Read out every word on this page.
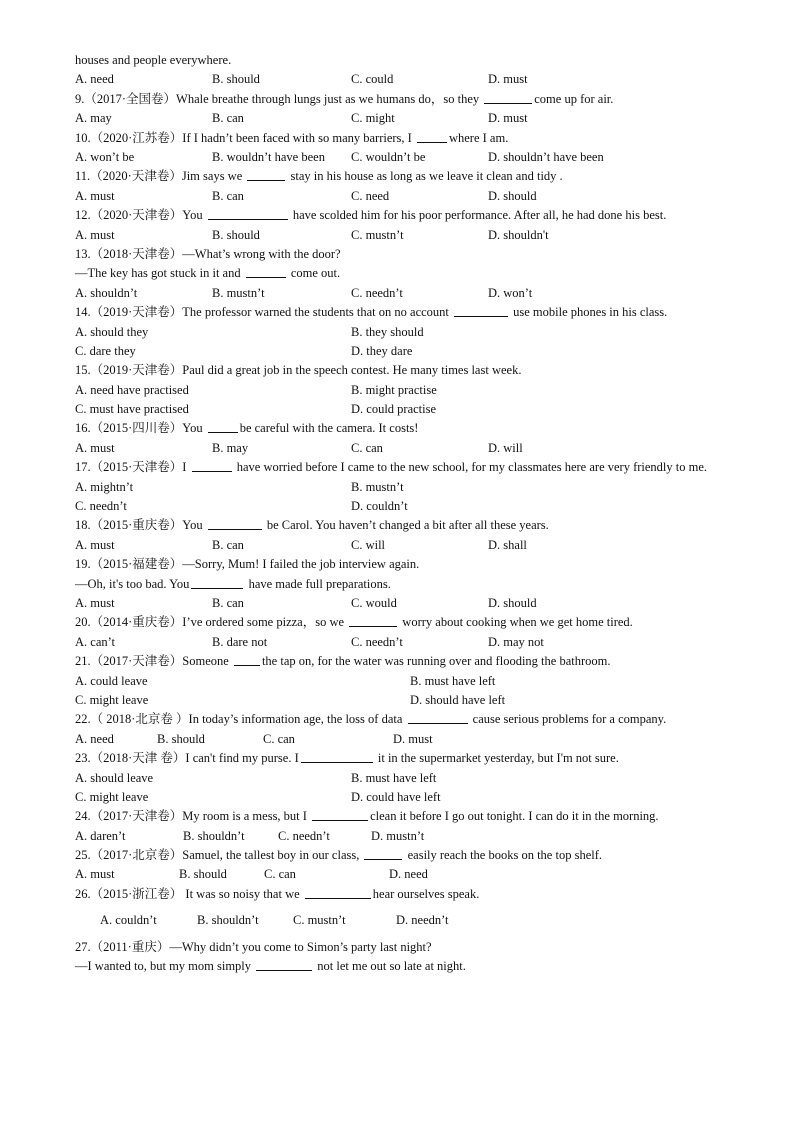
houses and people everywhere.
A. need	B. should	C. could	D. must
9.（2017·全国卷）Whale breathe through lungs just as we humans do，so they	come up for air.
A. may	B. can	C. might	D. must
10.（2020·江苏卷）If I hadn’t been faced with so many barriers, I	where I am.
A. won’t be	B. wouldn’t have been C. wouldn’t be	D. shouldn’t have been
11.（2020·天津卷）Jim says we	stay in his house as long as we leave it clean and tidy .
A. must	B. can	C. need	D. should
12.（2020·天津卷）You	have scolded him for his poor performance. After all, he had done his best.
A. must	B. should	C. mustn’t	D. shouldn't
13.（2018·天津卷）—What’s wrong with the door?
—The key has got stuck in it and	come out.
A. shouldn’t	B. mustn’t	C. needn’t	D. won’t
14.（2019·天津卷）The professor warned the students that on no account	use mobile phones in his class.
A. should they	B. they should
C. dare they	D. they dare
15.（2019·天津卷）Paul did a great job in the speech contest. He many times last week.
A. need have practised	B. might practise
C. must have practised	D. could practise
16.（2015·四川卷）You	be careful with the camera. It costs!
A. must	B. may	C. can	D. will
17.（2015·天津卷）I	have worried before I came to the new school, for my classmates here are very friendly to me.
A. mightn’t	B. mustn’t
C. needn’t	D. couldn’t
18.（2015·重庆卷）You	be Carol. You haven’t changed a bit after all these years.
A. must	B. can	C. will	D. shall
19.（2015·福建卷）—Sorry, Mum! I failed the job interview again.
—Oh, it's too bad. You	have made full preparations.
A. must	B. can	C. would	D. should
20.（2014·重庆卷）I’ve ordered some pizza，so we	worry about cooking when we get home tired.
A. can’t	B. dare not	C. needn’t	D. may not
21.（2017·天津卷）Someone the tap on, for the water was running over and flooding the bathroom.
A. could leave	B. must have left
C. might leave	D. should have left
22.（ 2018·北京卷 ）In today’s information age, the loss of data	cause serious problems for a company.
A. need	B. should	C. can	D. must
23.（2018·天津 卷）I can't find my purse. I	it in the supermarket yesterday, but I'm not sure.
A. should leave	B. must have left
C. might leave	D. could have left
24.（2017·天津卷）My room is a mess, but I	clean it before I go out tonight. I can do it in the morning.
A. daren’t	B. shouldn’t	C. needn’t	D. mustn’t
25.（2017·北京卷）Samuel, the tallest boy in our class,	easily reach the books on the top shelf.
A. must	B. should	C. can	D. need
26.（2015·浙江卷） It was so noisy that we	hear ourselves speak.
A. couldn’t	B. shouldn’t	C. mustn’t	D. needn’t
27.（2011·重庆）—Why didn’t you come to Simon’s party last night?
—I wanted to, but my mom simply	not let me out so late at night.
